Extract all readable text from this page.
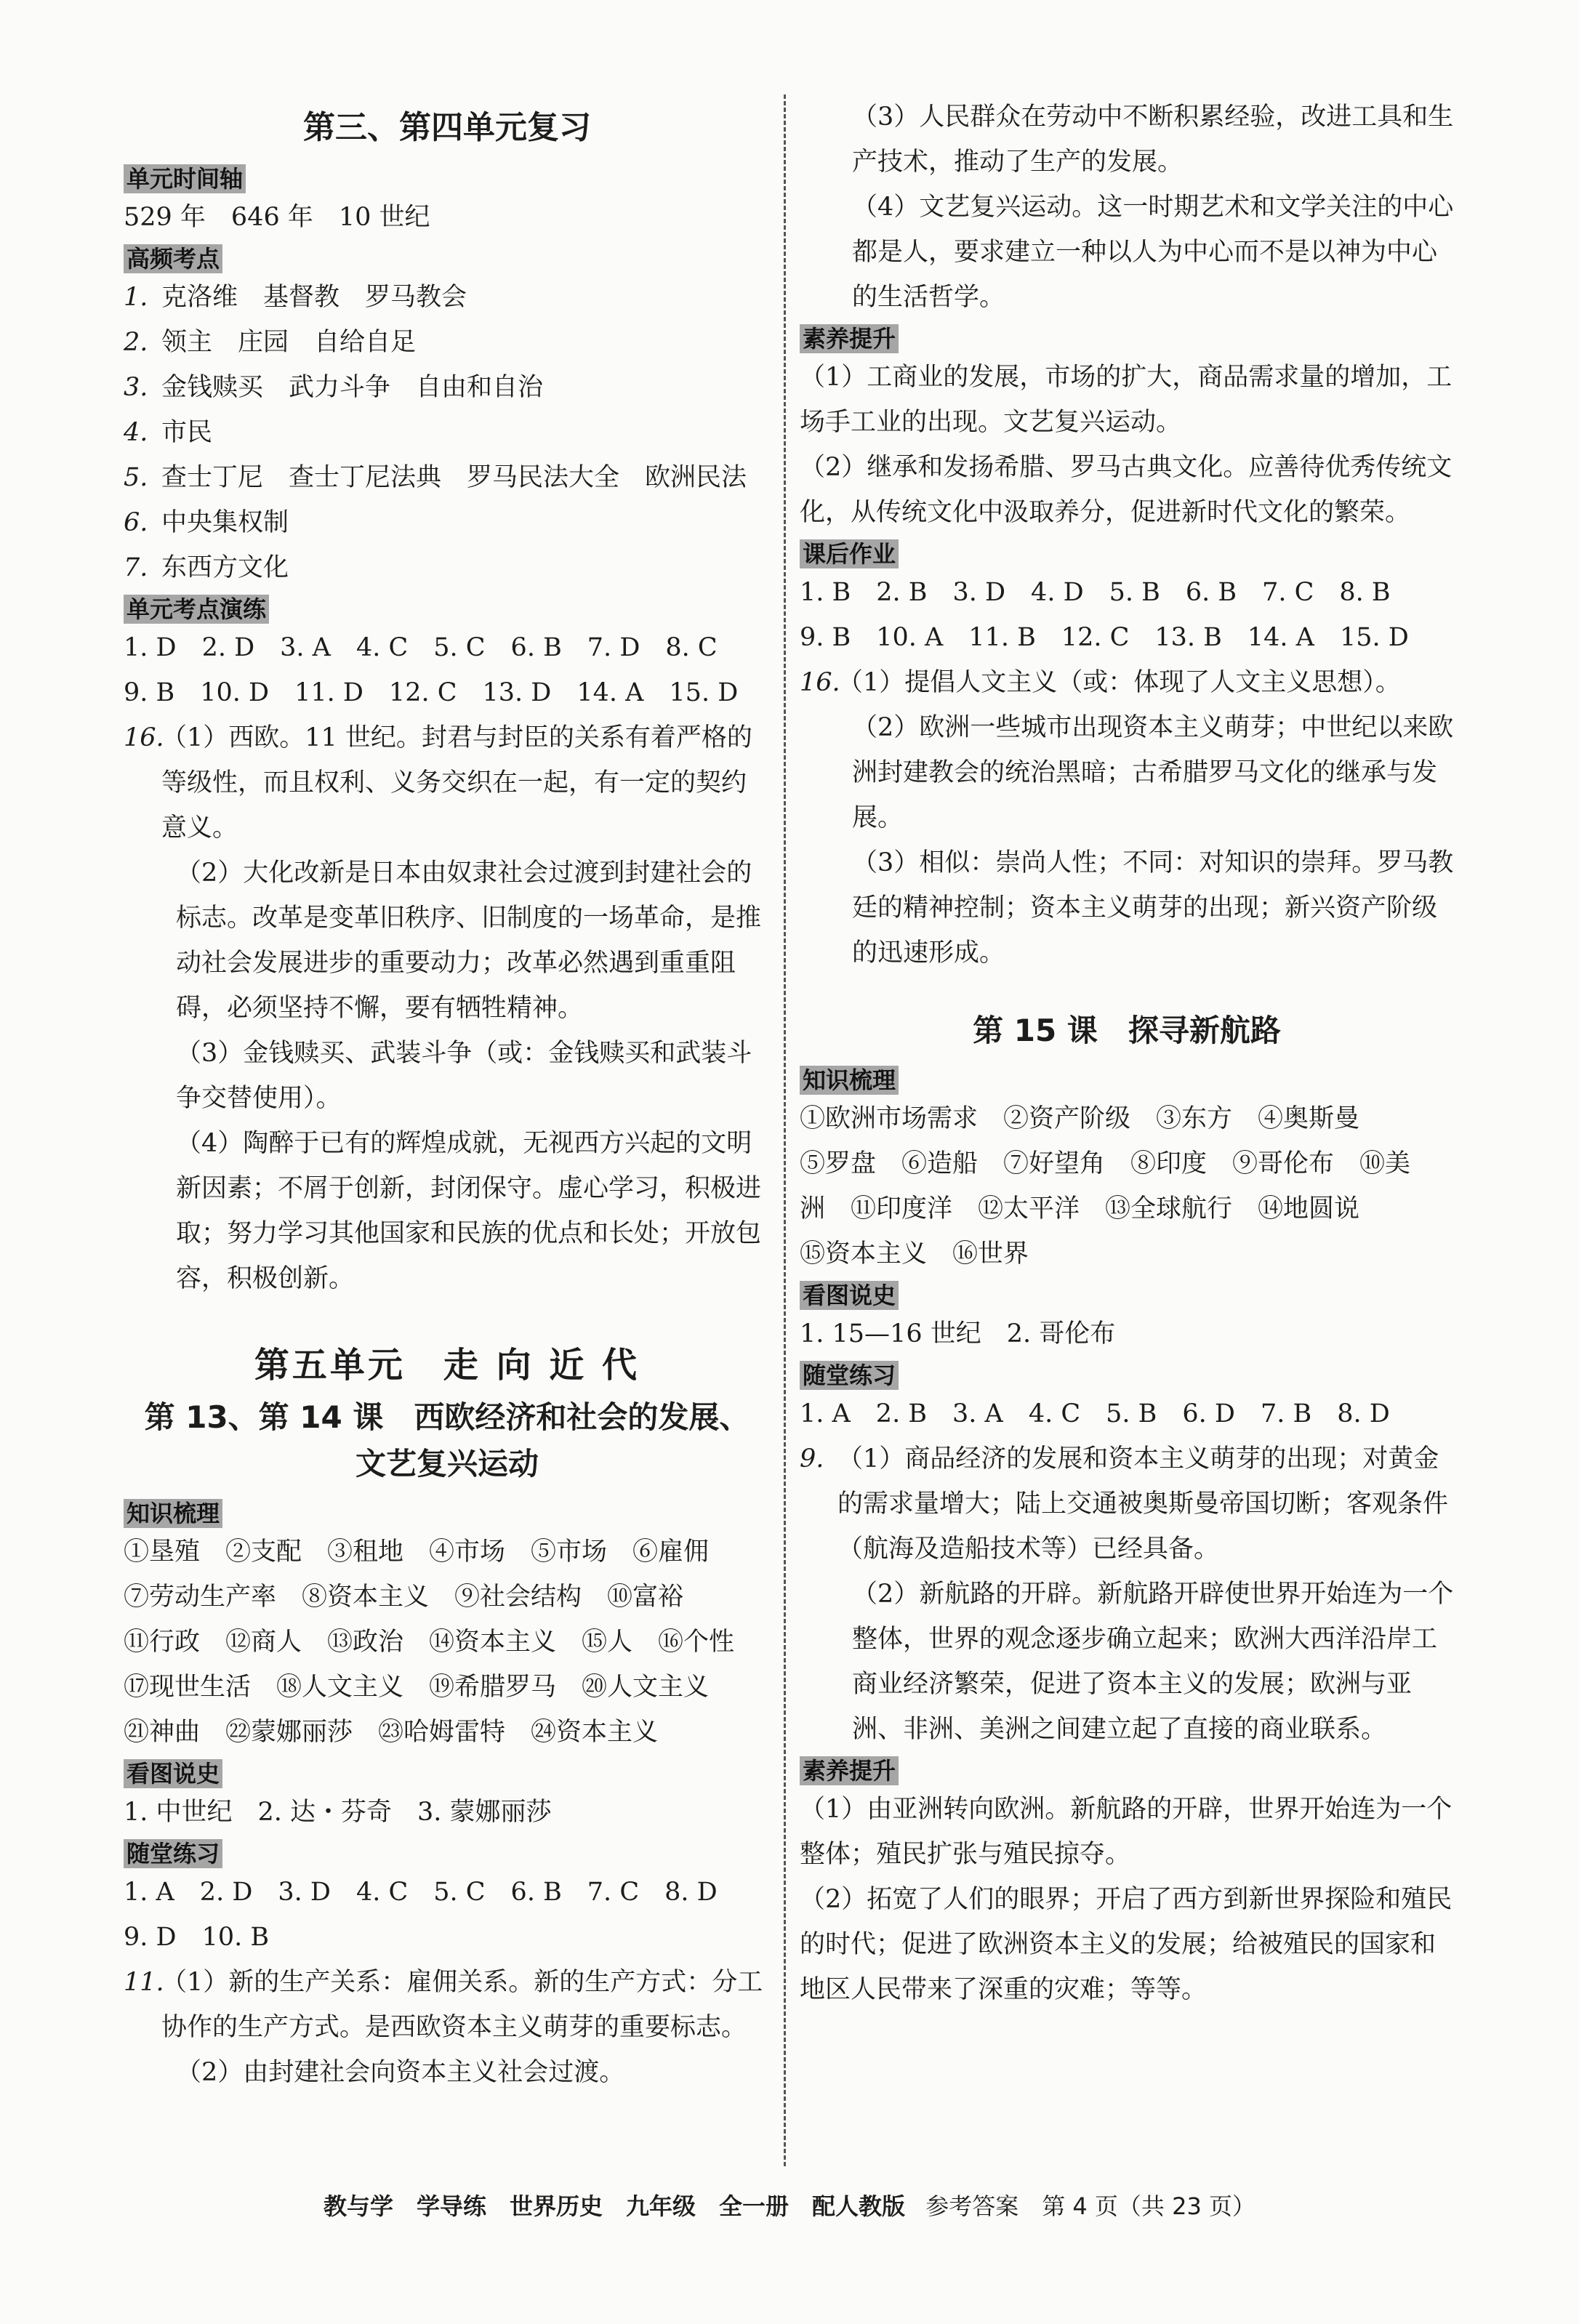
第三、第四单元复习
单元时间轴
529 年　646 年　10 世纪
高频考点
1. 克洛维　基督教　罗马教会
2. 领主　庄园　自给自足
3. 金钱赎买　武力斗争　自由和自治
4. 市民
5. 查士丁尼　查士丁尼法典　罗马民法大全　欧洲民法
6. 中央集权制
7. 东西方文化
单元考点演练
1. D　2. D　3. A　4. C　5. C　6. B　7. D　8. C
9. B　10. D　11. D　12. C　13. D　14. A　15. D
16.
（1）西欧。11 世纪。封君与封臣的关系有着严格的等级性，而且权利、义务交织在一起，有一定的契约意义。
（2）大化改新是日本由奴隶社会过渡到封建社会的标志。改革是变革旧秩序、旧制度的一场革命，是推动社会发展进步的重要动力；改革必然遇到重重阻碍，必须坚持不懈，要有牺牲精神。
（3）金钱赎买、武装斗争（或：金钱赎买和武装斗争交替使用）。
（4）陶醉于已有的辉煌成就，无视西方兴起的文明新因素；不屑于创新，封闭保守。虚心学习，积极进取；努力学习其他国家和民族的优点和长处；开放包容，积极创新。
第五单元　走 向 近 代
第 13、第 14 课　西欧经济和社会的发展、
文艺复兴运动
知识梳理
①垦殖　②支配　③租地　④市场　⑤市场　⑥雇佣
⑦劳动生产率　⑧资本主义　⑨社会结构　⑩富裕
⑪行政　⑫商人　⑬政治　⑭资本主义　⑮人　⑯个性
⑰现世生活　⑱人文主义　⑲希腊罗马　⑳人文主义
㉑神曲　㉒蒙娜丽莎　㉓哈姆雷特　㉔资本主义
看图说史
1. 中世纪　2. 达・芬奇　3. 蒙娜丽莎
随堂练习
1. A　2. D　3. D　4. C　5. C　6. B　7. C　8. D
9. D　10. B
11.
（1）新的生产关系：雇佣关系。新的生产方式：分工协作的生产方式。是西欧资本主义萌芽的重要标志。
（2）由封建社会向资本主义社会过渡。
（3）人民群众在劳动中不断积累经验，改进工具和生产技术，推动了生产的发展。
（4）文艺复兴运动。这一时期艺术和文学关注的中心都是人，要求建立一种以人为中心而不是以神为中心的生活哲学。
素养提升
（1）工商业的发展，市场的扩大，商品需求量的增加，工场手工业的出现。文艺复兴运动。
（2）继承和发扬希腊、罗马古典文化。应善待优秀传统文化，从传统文化中汲取养分，促进新时代文化的繁荣。
课后作业
1. B　2. B　3. D　4. D　5. B　6. B　7. C　8. B
9. B　10. A　11. B　12. C　13. B　14. A　15. D
16.
（1）提倡人文主义（或：体现了人文主义思想）。
（2）欧洲一些城市出现资本主义萌芽；中世纪以来欧洲封建教会的统治黑暗；古希腊罗马文化的继承与发展。
（3）相似：崇尚人性；不同：对知识的崇拜。罗马教廷的精神控制；资本主义萌芽的出现；新兴资产阶级的迅速形成。
第 15 课　探寻新航路
知识梳理
①欧洲市场需求　②资产阶级　③东方　④奥斯曼
⑤罗盘　⑥造船　⑦好望角　⑧印度　⑨哥伦布　⑩美
洲　⑪印度洋　⑫太平洋　⑬全球航行　⑭地圆说
⑮资本主义　⑯世界
看图说史
1. 15—16 世纪　2. 哥伦布
随堂练习
1. A　2. B　3. A　4. C　5. B　6. D　7. B　8. D
9. （1）商品经济的发展和资本主义萌芽的出现；对黄金的需求量增大；陆上交通被奥斯曼帝国切断；客观条件（航海及造船技术等）已经具备。
（2）新航路的开辟。新航路开辟使世界开始连为一个整体，世界的观念逐步确立起来；欧洲大西洋沿岸工商业经济繁荣，促进了资本主义的发展；欧洲与亚洲、非洲、美洲之间建立起了直接的商业联系。
素养提升
（1）由亚洲转向欧洲。新航路的开辟，世界开始连为一个整体；殖民扩张与殖民掠夺。
（2）拓宽了人们的眼界；开启了西方到新世界探险和殖民的时代；促进了欧洲资本主义的发展；给被殖民的国家和地区人民带来了深重的灾难；等等。
教与学　学导练　世界历史　九年级　全一册　配人教版 参考答案　第 4 页（共 23 页）
